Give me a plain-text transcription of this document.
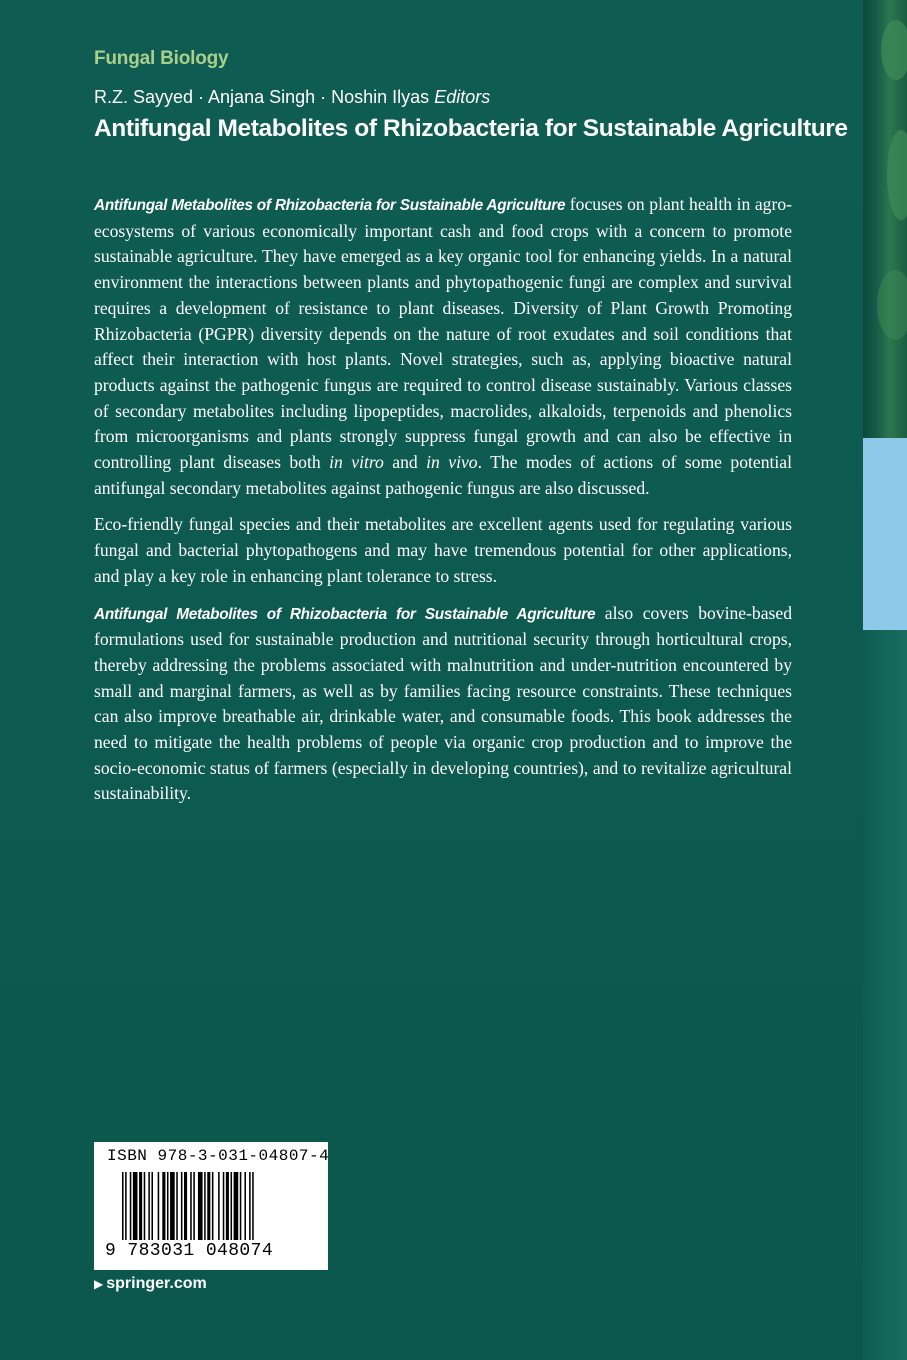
Fungal Biology
R.Z. Sayyed · Anjana Singh · Noshin Ilyas Editors
Antifungal Metabolites of Rhizobacteria for Sustainable Agriculture

Antifungal Metabolites of Rhizobacteria for Sustainable Agriculture focuses on plant health in agro-ecosystems of various economically important cash and food crops with a concern to promote sustainable agriculture. They have emerged as a key organic tool for enhancing yields. In a natural environment the interactions between plants and phytopathogenic fungi are complex and survival requires a development of resistance to plant diseases. Diversity of Plant Growth Promoting Rhizobacteria (PGPR) diversity depends on the nature of root exudates and soil conditions that affect their interaction with host plants. Novel strategies, such as, applying bioactive natural products against the pathogenic fungus are required to control disease sustainably. Various classes of secondary metabolites including lipopeptides, macrolides, alkaloids, terpenoids and phenolics from microorganisms and plants strongly suppress fungal growth and can also be effective in controlling plant diseases both in vitro and in vivo. The modes of actions of some potential antifungal secondary metabolites against pathogenic fungus are also discussed.

Eco-friendly fungal species and their metabolites are excellent agents used for regulating various fungal and bacterial phytopathogens and may have tremendous potential for other applications, and play a key role in enhancing plant tolerance to stress.

Antifungal Metabolites of Rhizobacteria for Sustainable Agriculture also covers bovine-based formulations used for sustainable production and nutritional security through horticultural crops, thereby addressing the problems associated with malnutrition and under-nutrition encountered by small and marginal farmers, as well as by families facing resource constraints. These techniques can also improve breathable air, drinkable water, and consumable foods. This book addresses the need to mitigate the health problems of people via organic crop production and to improve the socio-economic status of farmers (especially in developing countries), and to revitalize agricultural sustainability.

ISBN 978-3-031-04807-4
9 783031 048074
▶ springer.com
